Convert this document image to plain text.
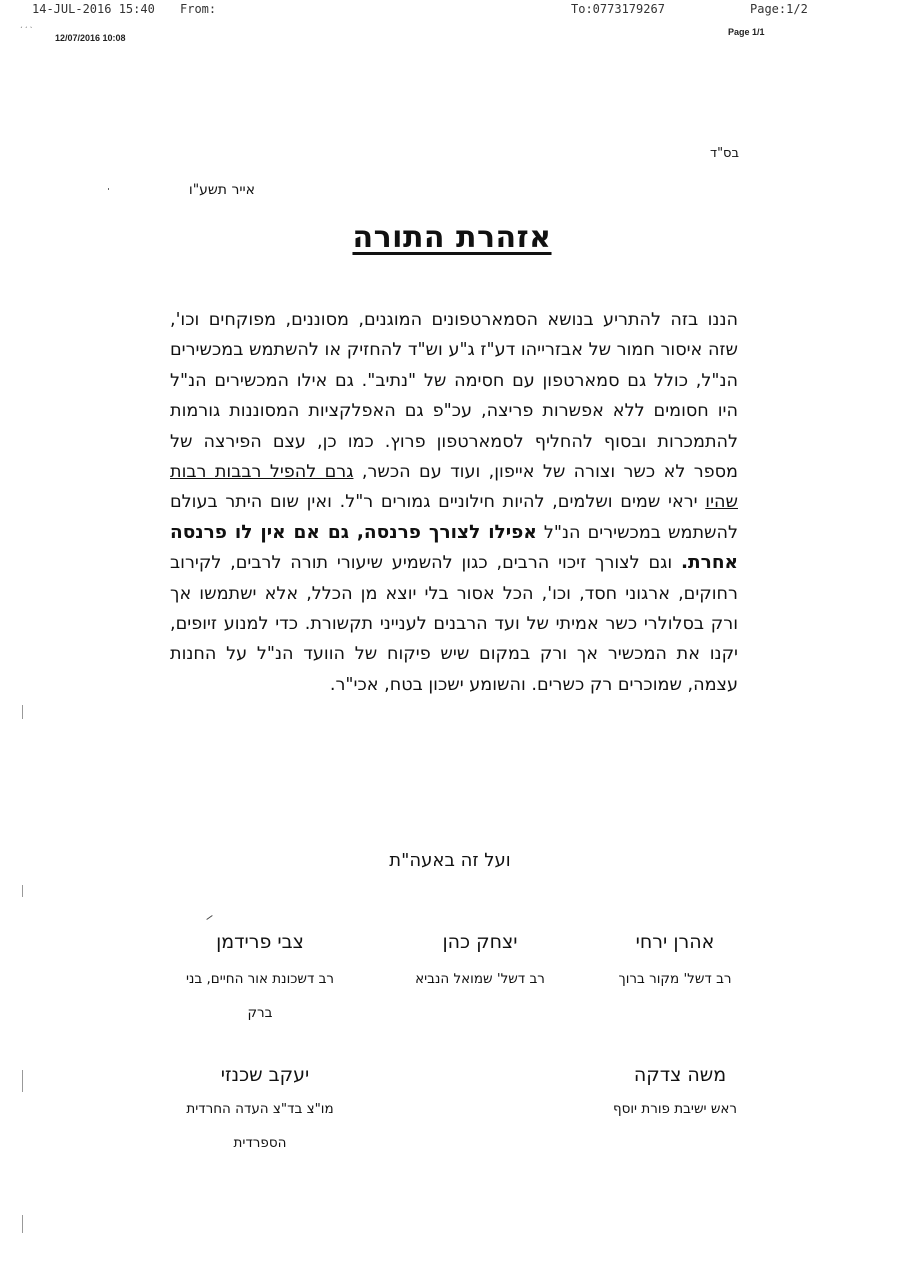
14-JUL-2016 15:40 From:	To:0773179267	Page:1/2
ˊ ˊ ˋ
12/07/2016 10:08
Page 1/1
בס"ד
אייר תשע"ו
אזהרת התורה
הננו בזה להתריע בנושא הסמארטפונים המוגנים, מסוננים, מפוקחים וכו', שזה איסור חמור של אבזרייהו דע"ז ג"ע וש"ד להחזיק או להשתמש במכשירים הנ"ל, כולל גם סמארטפון עם חסימה של "נתיב". גם אילו המכשירים הנ"ל היו חסומים ללא אפשרות פריצה, עכ"פ גם האפלקציות המסוננות גורמות להתמכרות ובסוף להחליף לסמארטפון פרוץ. כמו כן, עצם הפירצה של מספר לא כשר וצורה של אייפון, ועוד עם הכשר, גרם להפיל רבבות רבות שהיו יראי שמים ושלמים, להיות חילוניים גמורים ר"ל. ואין שום היתר בעולם להשתמש במכשירים הנ"ל אפילו לצורך פרנסה, גם אם אין לו פרנסה אחרת. וגם לצורך זיכוי הרבים, כגון להשמיע שיעורי תורה לרבים, לקירוב רחוקים, ארגוני חסד, וכו', הכל אסור בלי יוצא מן הכלל, אלא ישתמשו אך ורק בסלולרי כשר אמיתי של ועד הרבנים לענייני תקשורת. כדי למנוע זיופים, יקנו את המכשיר אך ורק במקום שיש פיקוח של הוועד הנ"ל על החנות עצמה, שמוכרים רק כשרים. והשומע ישכון בטח, אכי"ר.
ועל זה באעה"ת
אהרן ירחי
רב דשל' מקור ברוך
יצחק כהן
רב דשל' שמואל הנביא
צבי פרידמן
רב דשכונת אור החיים, בני ברק
משה צדקה
ראש ישיבת פורת יוסף
יעקב שכנזי
מו"צ בד"צ העדה החרדית הספרדית
